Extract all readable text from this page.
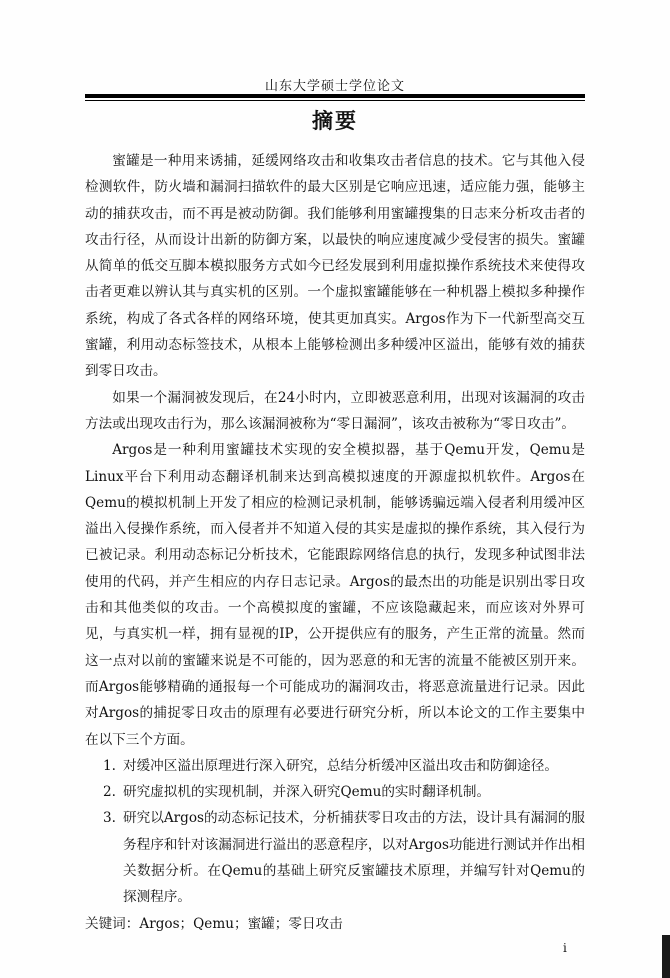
山东大学硕士学位论文
摘要

蜜罐是一种用来诱捕，延缓网络攻击和收集攻击者信息的技术。它与其他入侵检测软件，防火墙和漏洞扫描软件的最大区别是它响应迅速，适应能力强，能够主动的捕获攻击，而不再是被动防御。我们能够利用蜜罐搜集的日志来分析攻击者的攻击行径，从而设计出新的防御方案，以最快的响应速度减少受侵害的损失。蜜罐从简单的低交互脚本模拟服务方式如今已经发展到利用虚拟操作系统技术来使得攻击者更难以辨认其与真实机的区别。一个虚拟蜜罐能够在一种机器上模拟多种操作系统，构成了各式各样的网络环境，使其更加真实。Argos作为下一代新型高交互蜜罐，利用动态标签技术，从根本上能够检测出多种缓冲区溢出，能够有效的捕获到零日攻击。

如果一个漏洞被发现后，在24小时内，立即被恶意利用，出现对该漏洞的攻击方法或出现攻击行为，那么该漏洞被称为“零日漏洞”，该攻击被称为“零日攻击”。

Argos是一种利用蜜罐技术实现的安全模拟器，基于Qemu开发，Qemu是Linux平台下利用动态翻译机制来达到高模拟速度的开源虚拟机软件。Argos在Qemu的模拟机制上开发了相应的检测记录机制，能够诱骗远端入侵者利用缓冲区溢出入侵操作系统，而入侵者并不知道入侵的其实是虚拟的操作系统，其入侵行为已被记录。利用动态标记分析技术，它能跟踪网络信息的执行，发现多种试图非法使用的代码，并产生相应的内存日志记录。Argos的最杰出的功能是识别出零日攻击和其他类似的攻击。一个高模拟度的蜜罐，不应该隐藏起来，而应该对外界可见，与真实机一样，拥有显视的IP，公开提供应有的服务，产生正常的流量。然而这一点对以前的蜜罐来说是不可能的，因为恶意的和无害的流量不能被区别开来。而Argos能够精确的通报每一个可能成功的漏洞攻击，将恶意流量进行记录。因此对Argos的捕捉零日攻击的原理有必要进行研究分析，所以本论文的工作主要集中在以下三个方面。

1. 对缓冲区溢出原理进行深入研究，总结分析缓冲区溢出攻击和防御途径。
2. 研究虚拟机的实现机制，并深入研究Qemu的实时翻译机制。
3. 研究以Argos的动态标记技术，分析捕获零日攻击的方法，设计具有漏洞的服务程序和针对该漏洞进行溢出的恶意程序，以对Argos功能进行测试并作出相关数据分析。在Qemu的基础上研究反蜜罐技术原理，并编写针对Qemu的探测程序。

关键词：Argos；Qemu；蜜罐；零日攻击

i
